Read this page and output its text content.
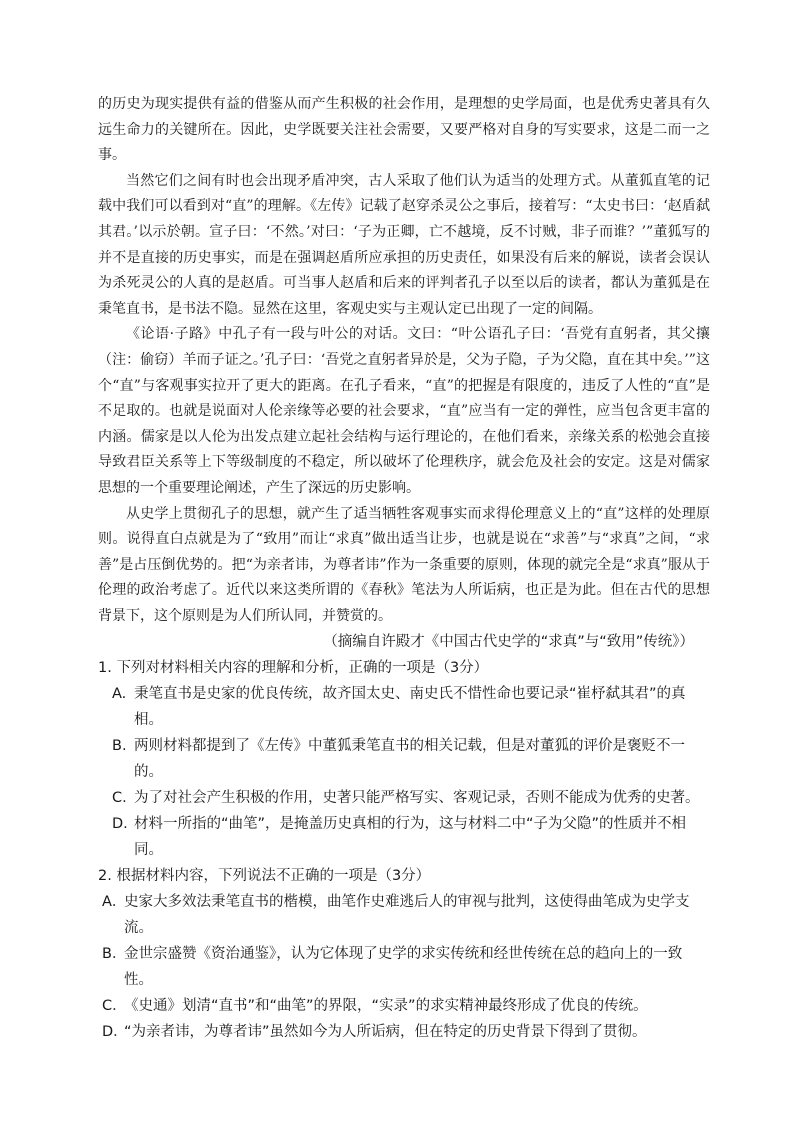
的历史为现实提供有益的借鉴从而产生积极的社会作用，是理想的史学局面，也是优秀史著具有久远生命力的关键所在。因此，史学既要关注社会需要，又要严格对自身的写实要求，这是二而一之事。

当然它们之间有时也会出现矛盾冲突，古人采取了他们认为适当的处理方式。从董狐直笔的记载中我们可以看到对“直”的理解。《左传》记载了赵穿杀灵公之事后，接着写：“太史书曰：‘赵盾弑其君。’以示於朝。宣子曰：‘不然。’对曰：‘子为正卿，亡不越境，反不讨贼，非子而谁？’”董狐写的并不是直接的历史事实，而是在强调赵盾所应承担的历史责任，如果没有后来的解说，读者会误认为杀死灵公的人真的是赵盾。可当事人赵盾和后来的评判者孔子以至以后的读者，都认为董狐是在秉笔直书，是书法不隐。显然在这里，客观史实与主观认定已出现了一定的间隔。

《论语·子路》中孔子有一段与叶公的对话。文曰：“叶公语孔子曰：‘吾党有直躬者，其父攘（注：偷窃）羊而子证之。’孔子曰：‘吾党之直躬者异於是，父为子隐，子为父隐，直在其中矣。’”这个“直”与客观事实拉开了更大的距离。在孔子看来，“直”的把握是有限度的，违反了人性的“直”是不足取的。也就是说面对人伦亲缘等必要的社会要求，“直”应当有一定的弹性，应当包含更丰富的内涵。儒家是以人伦为出发点建立起社会结构与运行理论的，在他们看来，亲缘关系的松弛会直接导致君臣关系等上下等级制度的不稳定，所以破坏了伦理秩序，就会危及社会的安定。这是对儒家思想的一个重要理论阐述，产生了深远的历史影响。

从史学上贯彻孔子的思想，就产生了适当牺牲客观事实而求得伦理意义上的“直”这样的处理原则。说得直白点就是为了“致用”而让“求真”做出适当让步，也就是说在“求善”与“求真”之间，“求善”是占压倒优势的。把“为亲者讳，为尊者讳”作为一条重要的原则，体现的就完全是“求真”服从于伦理的政治考虑了。近代以来这类所谓的《春秋》笔法为人所诟病，也正是为此。但在古代的思想背景下，这个原则是为人们所认同，并赞赏的。

（摘编自许殿才《中国古代史学的“求真”与“致用”传统》）

1. 下列对材料相关内容的理解和分析，正确的一项是（3分）

A. 秉笔直书是史家的优良传统，故齐国太史、南史氏不惜性命也要记录“崔杼弑其君”的真相。
B. 两则材料都提到了《左传》中董狐秉笔直书的相关记载，但是对董狐的评价是褒贬不一的。
C. 为了对社会产生积极的作用，史著只能严格写实、客观记录，否则不能成为优秀的史著。
D. 材料一所指的“曲笔”，是掩盖历史真相的行为，这与材料二中“子为父隐”的性质并不相同。

2. 根据材料内容，下列说法不正确的一项是（3分）

A．
史家大多效法秉笔直书的楷模，曲笔作史难逃后人的审视与批判，这使得曲笔成为史学支流。
B．
金世宗盛赞《资治通鉴》，认为它体现了史学的求实传统和经世传统在总的趋向上的一致性。
C．
《史通》划清“直书”和“曲笔”的界限，“实录”的求实精神最终形成了优良的传统。
D．
“为亲者讳，为尊者讳”虽然如今为人所诟病，但在特定的历史背景下得到了贯彻。
